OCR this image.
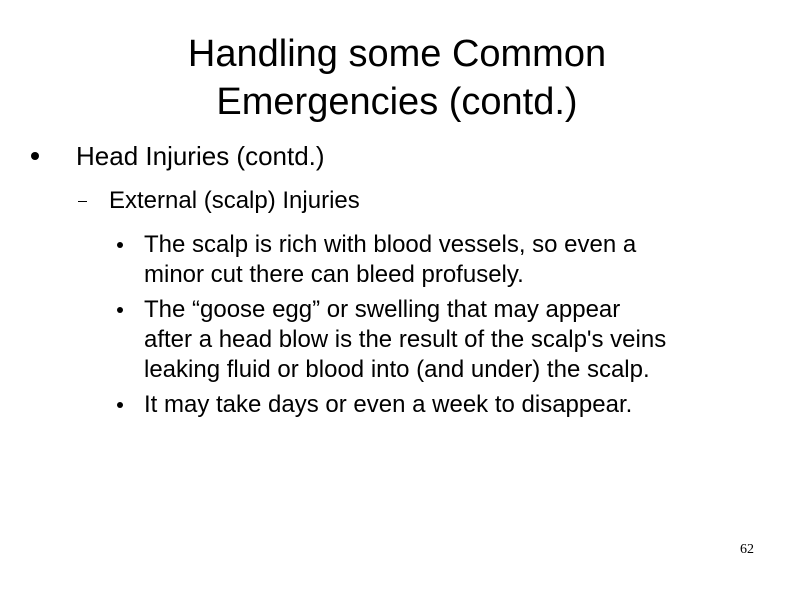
Handling some Common
Emergencies (contd.)
Head Injuries (contd.)
External (scalp) Injuries
The scalp is rich with blood vessels, so even a
minor cut there can bleed profusely.
The “goose egg” or swelling that may appear
after a head blow is the result of the scalp's veins
leaking fluid or blood into (and under) the scalp.
It may take days or even a week to disappear.
62
